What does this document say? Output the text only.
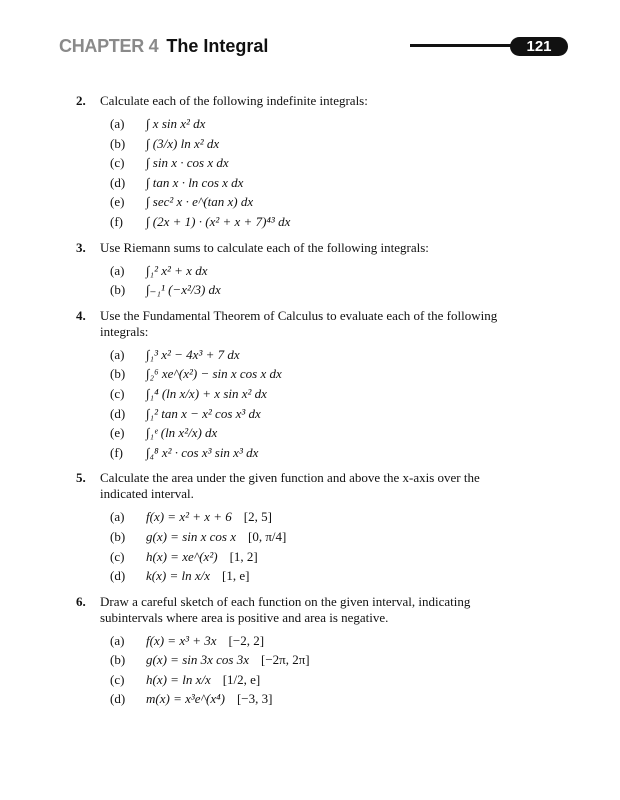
CHAPTER 4 The Integral	121
2. Calculate each of the following indefinite integrals:
(a) ∫ x sin x² dx
(b) ∫ (3/x) ln x² dx
(c) ∫ sin x · cos x dx
(d) ∫ tan x · ln cos x dx
(e) ∫ sec² x · e^(tan x) dx
(f) ∫ (2x + 1) · (x² + x + 7)⁴³ dx
3. Use Riemann sums to calculate each of the following integrals:
(a) ∫₁² x² + x dx
(b) ∫₋₁¹ (−x²/3) dx
4. Use the Fundamental Theorem of Calculus to evaluate each of the following integrals:
(a) ∫₁³ x² − 4x³ + 7 dx
(b) ∫₂⁶ xe^(x²) − sin x cos x dx
(c) ∫₁⁴ (ln x/x) + x sin x² dx
(d) ∫₁² tan x − x² cos x³ dx
(e) ∫₁ᵉ (ln x²/x) dx
(f) ∫₄⁸ x² · cos x³ sin x³ dx
5. Calculate the area under the given function and above the x-axis over the indicated interval.
(a) f(x) = x² + x + 6 [2, 5]
(b) g(x) = sin x cos x [0, π/4]
(c) h(x) = xe^(x²) [1, 2]
(d) k(x) = ln x/x [1, e]
6. Draw a careful sketch of each function on the given interval, indicating subintervals where area is positive and area is negative.
(a) f(x) = x³ + 3x [−2, 2]
(b) g(x) = sin 3x cos 3x [−2π, 2π]
(c) h(x) = ln x/x [1/2, e]
(d) m(x) = x³e^(x⁴) [−3, 3]
